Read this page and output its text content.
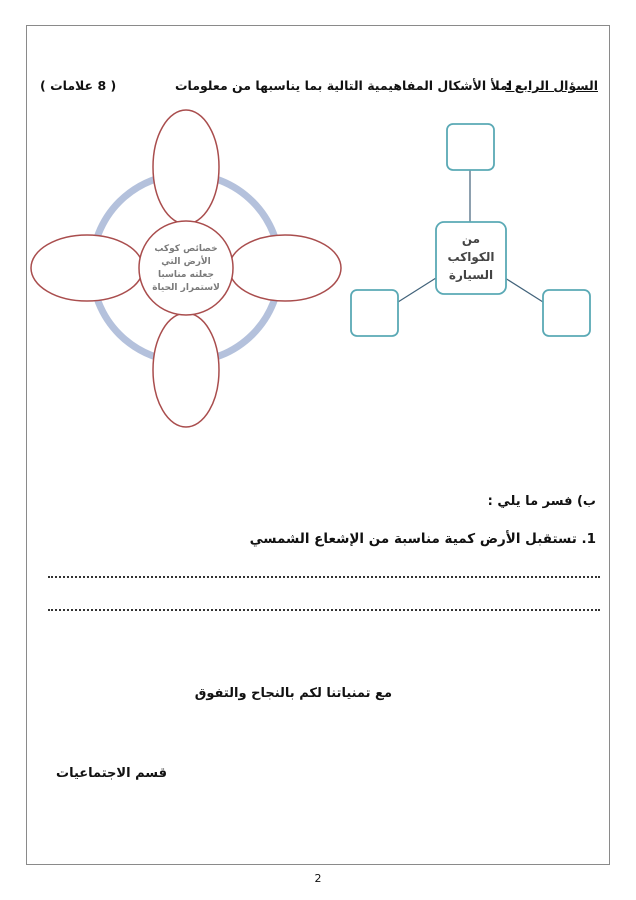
السؤال الرابع :
املأ الأشكال المفاهيمية التالية بما يناسبها من معلومات
( 8 علامات )
خصائص كوكب
الأرض التي
جعلته مناسبا
لاستمرار الحياة
من
الكواكب
السيارة
ب) فسر ما يلي :
1. تستقبل الأرض كمية مناسبة من الإشعاع الشمسي
مع تمنياتنا لكم بالنجاح والتفوق
قسم الاجتماعيات
2
